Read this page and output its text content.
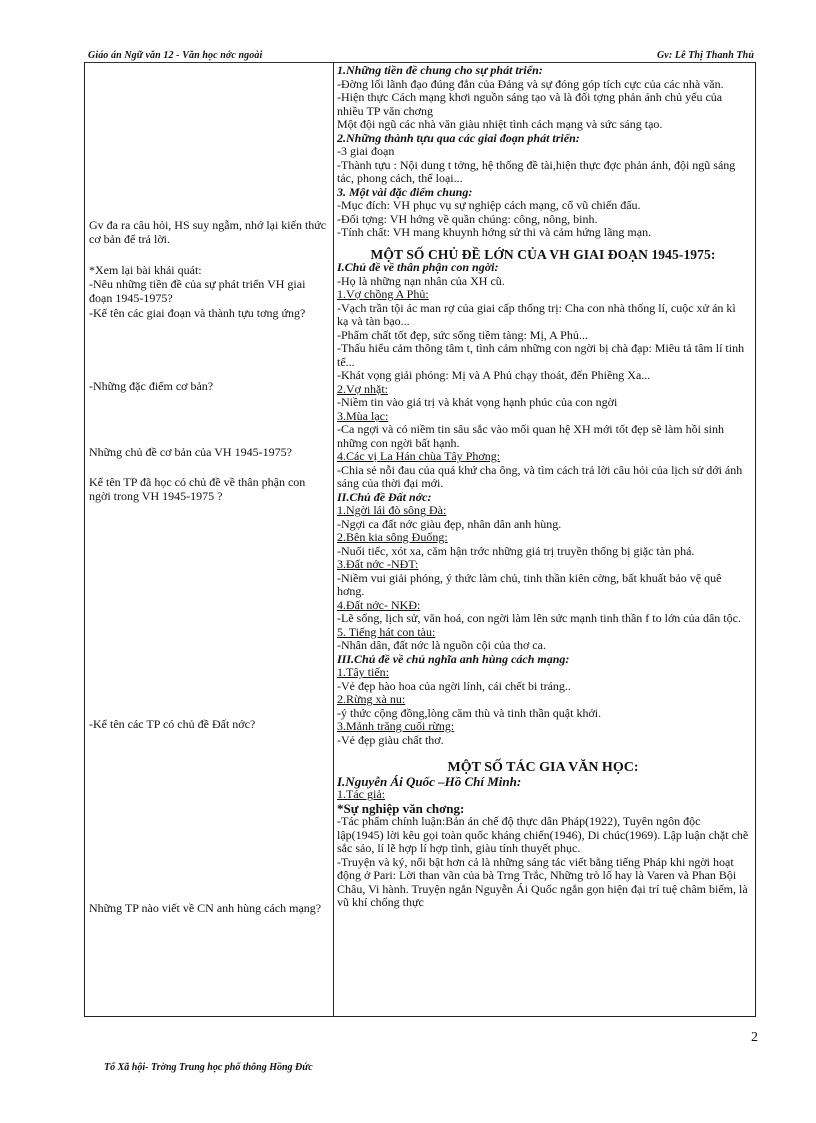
Giáo án Ngữ văn 12 - Văn học nớc ngoài	Gv: Lê Thị Thanh Thủ
Gv đa ra câu hỏi, HS suy ngẫm, nhớ lại kiến thức cơ bản để trả lời.
*Xem lại bài khái quát:
-Nêu những tiền đề của sự phát triển VH giai đoạn 1945-1975?
-Kể tên các giai đoạn và thành tựu tơng ứng?
-Những đặc điểm cơ bản?
Những chủ đề cơ bản của VH 1945-1975?
Kể tên TP đã học có chủ đề về thân phận con ngời trong VH 1945-1975 ?
-Kể tên các TP có chủ đề Đất nớc?
Những TP nào viết về CN anh hùng cách mạng?
1.Những tiền đề chung cho sự phát triển:
-Đờng lối lãnh đạo đúng đắn của Đảng và sự đóng góp tích cực của các nhà văn.
-Hiện thực Cách mạng khơi nguồn sáng tạo và là đối tợng phản ánh chủ yếu của nhiều TP văn chơng
Một đội ngũ các nhà văn giàu nhiệt tình cách mạng và sức sáng tạo.
2.Những thành tựu qua các giai đoạn phát triển:
-3 giai đoạn
-Thành tựu : Nội dung t tởng, hệ thống đề tài,hiện thực đợc phản ánh, đội ngũ sáng tác, phong cách, thể loại...
3. Một vài đặc điểm chung:
-Mục đích: VH phục vụ sự nghiệp cách mạng, cổ vũ chiến đấu.
-Đối tợng: VH hớng về quần chúng: công, nông, binh.
-Tính chất: VH mang khuynh hớng sử thi và cảm hứng lãng mạn.
MỘT SỐ CHỦ ĐỀ LỚN CỦA VH GIAI ĐOẠN 1945-1975:
I.Chủ đề về thân phận con ngời:
-Họ là những nạn nhân của XH cũ.
1.Vợ chồng A Phủ:
-Vạch trần tội ác man rợ của giai cấp thống trị: Cha con nhà thống lí, cuộc xử án kì kạ và tàn bạo...
-Phẩm chất tốt đẹp, sức sống tiềm tàng: Mị, A Phủ...
-Thấu hiểu cảm thông tâm t, tình cảm những con ngời bị chà đạp: Miêu tả tâm lí tinh tế...
-Khát vọng giải phóng: Mị và A Phủ chạy thoát, đến Phiềng Xa...
2.Vợ nhặt:
-Niềm tin vào giá trị và khát vọng hạnh phúc của con ngời
3.Mùa lạc:
-Ca ngợi và có niềm tin sâu sắc vào mối quan hệ XH mới tốt đẹp sẽ làm hồi sinh những con ngời bất hạnh.
4.Các vị La Hán chùa Tây Phơng:
-Chia sẻ nỗi đau của quá khứ cha ông, và tìm cách trả lời câu hỏi của lịch sử dới ánh sáng của thời đại mới.
II.Chủ đề Đất nớc:
1.Ngời lái đò sông Đà:
-Ngợi ca đất nớc giàu đẹp, nhân dân anh hùng.
2.Bên kia sông Đuống:
-Nuối tiếc, xót xa, căm hận trớc những giá trị truyền thống bị giặc tàn phá.
3.Đất nớc -NĐT:
-Niềm vui giải phóng, ý thức làm chủ, tinh thần kiên cờng, bất khuất bảo vệ quê hơng.
4.Đất nớc- NKĐ:
-Lẽ sống, lịch sử, văn hoá, con ngời làm lên sức mạnh tinh thần f to lớn của dân tộc.
5. Tiếng hát con tàu:
-Nhân dân, đất nớc là nguồn cội của thơ ca.
III.Chủ đề về chủ nghĩa anh hùng cách mạng:
1.Tây tiến:
-Vẻ đẹp hào hoa của ngời lính, cái chết bi tráng..
2.Rừng xà nu:
-ý thức cộng đồng,lòng căm thù và tinh thần quật khởi.
3.Mảnh trăng cuối rừng:
-Vẻ đẹp giàu chất thơ.
MỘT SỐ TÁC GIA VĂN HỌC:
I.Nguyễn Ái Quốc –Hồ Chí Minh:
1.Tác giả:
*Sự nghiệp văn chơng:
-Tác phẩm chính luận:Bản án chế độ thực dân Pháp(1922), Tuyên ngôn độc lập(1945) lời kêu gọi toàn quốc kháng chiến(1946), Di chúc(1969). Lập luận chặt chẽ sắc sảo, lí lẽ hợp lí hợp tình, giàu tính thuyết phục.
-Truyện và ký, nổi bật hơn cả là những sáng tác viết bằng tiếng Pháp khi ngời hoạt động ở Pari: Lời than vãn của bà Trng Trắc, Những trò lố hay là Varen và Phan Bội Châu, Vi hành. Truyện ngắn Nguyễn Ái Quốc ngắn gọn hiện đại trí tuệ châm biếm, là vũ khí chống thực
2
Tổ Xã hội- Trờng Trung học phổ thông Hồng Đức
